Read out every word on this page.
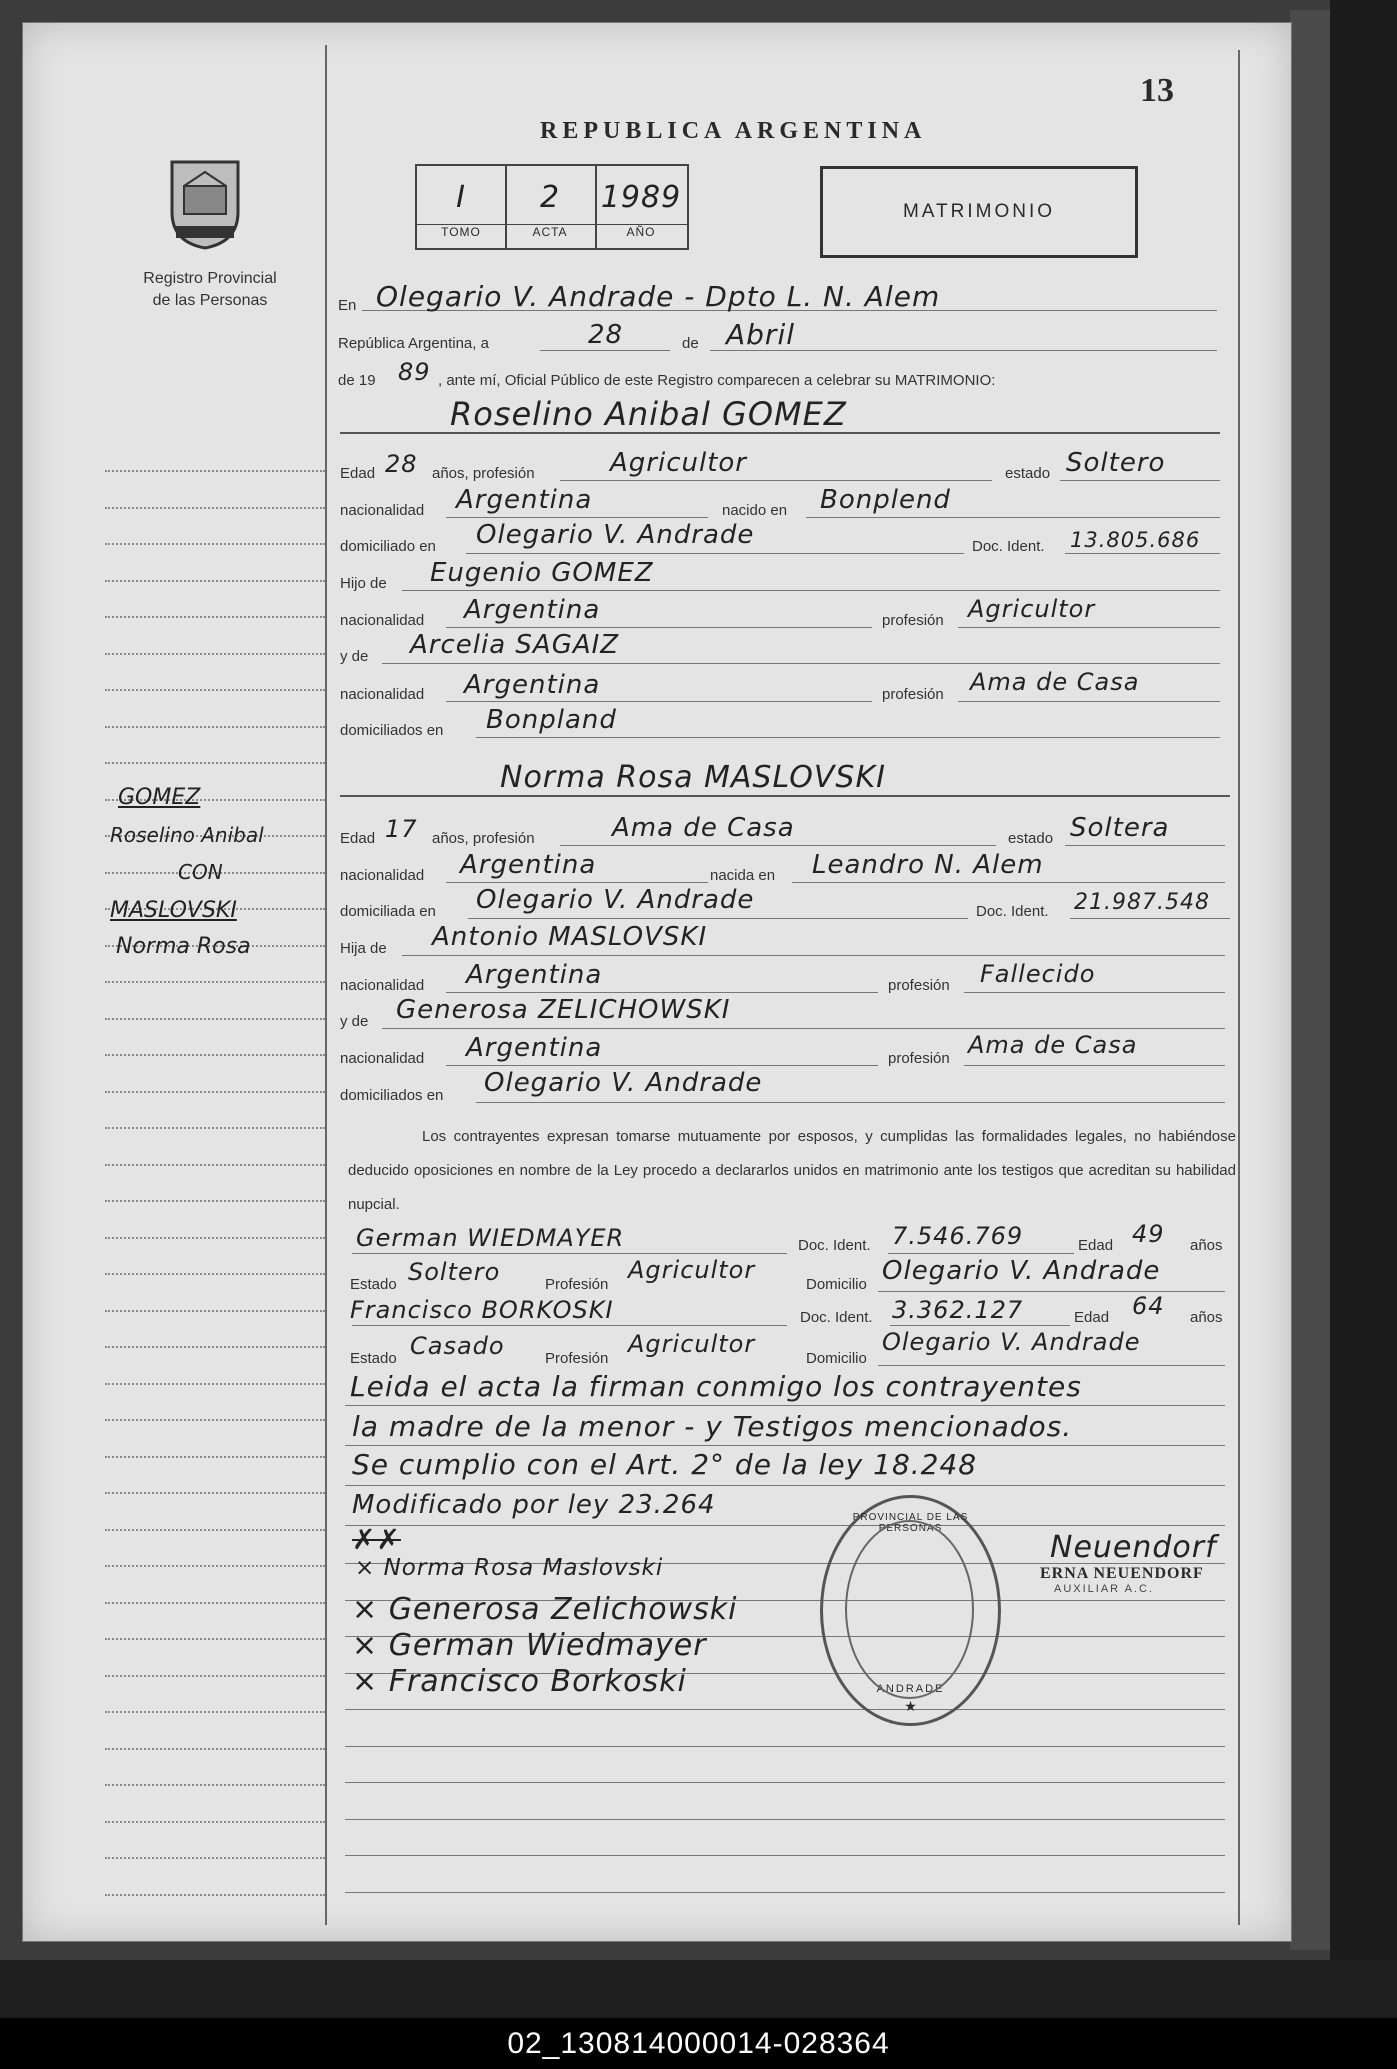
13
REPUBLICA ARGENTINA
Registro Provincial
de las Personas
I
TOMO
2
ACTA
1989
AÑO
MATRIMONIO
En Olegario V. Andrade - Dpto L. N. Alem
República Argentina, a	28	de Abril
de 19 89 , ante mí, Oficial Público de este Registro comparecen a celebrar su MATRIMONIO:
Roselino Anibal GOMEZ
Edad 28 años, profesión	Agricultor	estado Soltero
nacionalidad Argentina	nacido en Bonplend
domiciliado en Olegario V. Andrade	Doc. Ident. 13.805.686
Hijo de Eugenio GOMEZ
nacionalidad Argentina	profesión Agricultor
y de Arcelia SAGAIZ
nacionalidad Argentina	profesión Ama de Casa
domiciliados en Bonpland
Norma Rosa MASLOVSKI
Edad 17 años, profesión	Ama de Casa	estado Soltera
nacionalidad Argentina	nacida en Leandro N. Alem
domiciliada en Olegario V. Andrade	Doc. Ident. 21.987.548
Hija de Antonio MASLOVSKI
nacionalidad Argentina	profesión Fallecido
y de Generosa ZELICHOWSKI
nacionalidad Argentina	profesión Ama de Casa
domiciliados en Olegario V. Andrade
Los contrayentes expresan tomarse mutuamente por esposos, y cumplidas las formalidades legales, no habiéndose deducido oposiciones en nombre de la Ley procedo a declararlos unidos en matrimonio ante los testigos que acreditan su habilidad nupcial.
German WIEDMAYER	Doc. Ident. 7.546.769	Edad 49 años
Estado Soltero	Profesión
Agricultor
Domicilio Olegario V. Andrade
Francisco BORKOSKI	Doc. Ident. 3.362.127	Edad 64 años
Estado Casado	Profesión
Agricultor
Domicilio
Olegario V. Andrade
Leida el acta la firman conmigo los contrayentes
la madre de la menor - y Testigos mencionados.
Se cumplio con el Art. 2° de la ley 18.248
Modificado por ley 23.264
✗✗
× Norma Rosa Maslovski
× Generosa Zelichowski
× German Wiedmayer
× Francisco Borkoski
PROVINCIAL DE LAS PERSONAS
ANDRADE
★
Neuendorf
ERNA NEUENDORF
AUXILIAR A.C.
GOMEZ
Roselino Anibal
CON
MASLOVSKI
Norma Rosa
02_130814000014-028364
